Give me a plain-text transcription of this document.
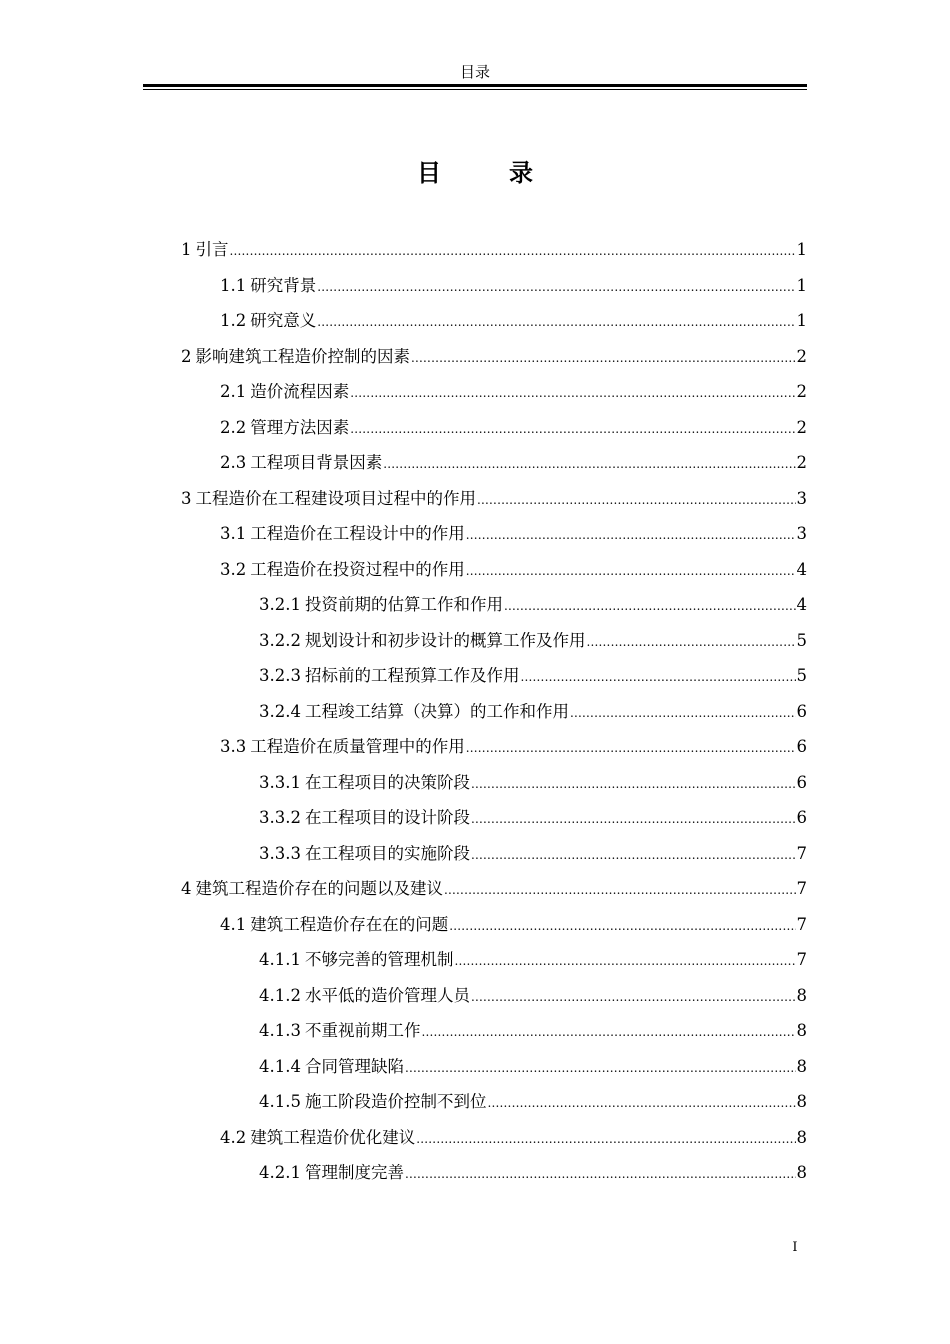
目录
目　录
1 引言 .....	1
1.1 研究背景 .....	1
1.2 研究意义 .....	1
2 影响建筑工程造价控制的因素 .....	2
2.1 造价流程因素 .....	2
2.2 管理方法因素 .....	2
2.3 工程项目背景因素 .....	2
3 工程造价在工程建设项目过程中的作用 .....	3
3.1 工程造价在工程设计中的作用 .....	3
3.2 工程造价在投资过程中的作用 .....	4
3.2.1 投资前期的估算工作和作用 .....	4
3.2.2 规划设计和初步设计的概算工作及作用 .....	5
3.2.3 招标前的工程预算工作及作用 .....	5
3.2.4 工程竣工结算（决算）的工作和作用 .....	6
3.3 工程造价在质量管理中的作用 .....	6
3.3.1 在工程项目的决策阶段 .....	6
3.3.2 在工程项目的设计阶段 .....	6
3.3.3 在工程项目的实施阶段 .....	7
4 建筑工程造价存在的问题以及建议 .....	7
4.1 建筑工程造价存在在的问题 .....	7
4.1.1 不够完善的管理机制 .....	7
4.1.2 水平低的造价管理人员 .....	8
4.1.3 不重视前期工作 .....	8
4.1.4 合同管理缺陷 .....	8
4.1.5 施工阶段造价控制不到位 .....	8
4.2 建筑工程造价优化建议 .....	8
4.2.1 管理制度完善 .....	8
I
